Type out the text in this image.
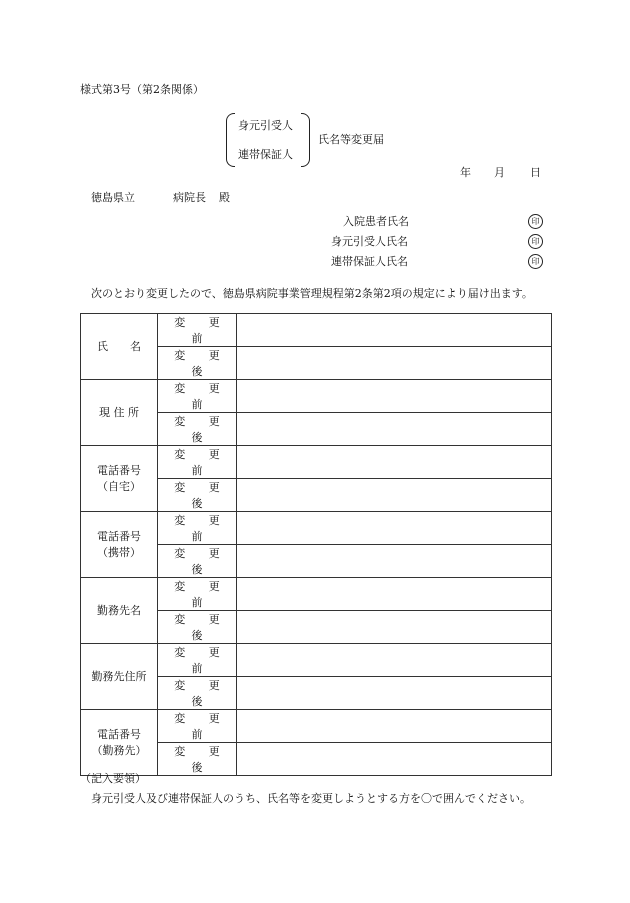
様式第3号（第2条関係）
身元引受人
連帯保証人
氏名等変更届
年 月 日
徳島県立	病院長 殿
入院患者氏名	印
身元引受人氏名	印
連帯保証人氏名	印
次のとおり変更したので、徳島県病院事業管理規程第2条第2項の規定により届け出ます。
氏　　名	変 更 前	
	変 更 後	

現 住 所	変 更 前	
	変 更 後	

電話番号
（自宅）	変 更 前	
	変 更 後	

電話番号
（携帯）	変 更 前	
	変 更 後	

勤務先名	変 更 前	
	変 更 後	

勤務先住所	変 更 前	
	変 更 後	

電話番号
（勤務先）	変 更 前	
	変 更 後	
（記入要領）
身元引受人及び連帯保証人のうち、氏名等を変更しようとする方を〇で囲んでください。
